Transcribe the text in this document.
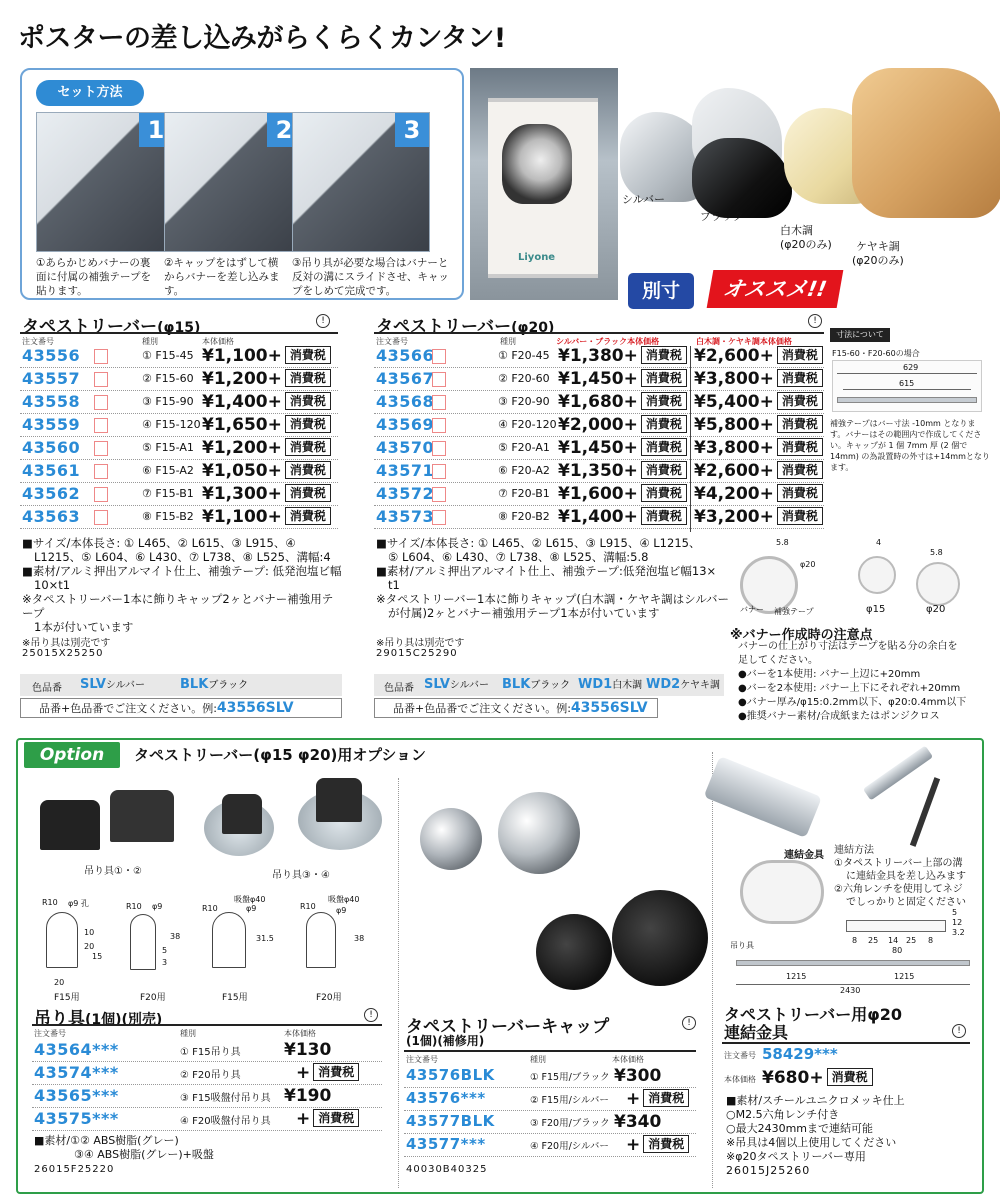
ポスターの差し込みがらくらくカンタン!
セット方法
1	2	3
①あらかじめバナーの裏面に付属の補強テープを貼ります。
②キャップをはずして横からバナーを差し込みます。
③吊り具が必要な場合はバナーと反対の溝にスライドさせ、キャップをしめて完成です。
Liyone
シルバー
ブラック
白木調
(φ20のみ) ケヤキ調
(φ20のみ)
別寸	オススメ!!
タペストリーバー(φ15)	!
注文番号	種別	本体価格
43556	① F15-45 ¥1,100+ 消費税
43557	② F15-60 ¥1,200+ 消費税
43558	③ F15-90 ¥1,400+ 消費税
43559	④ F15-120 ¥1,650+ 消費税
43560	⑤ F15-A1 ¥1,200+ 消費税
43561	⑥ F15-A2 ¥1,050+ 消費税
43562	⑦ F15-B1 ¥1,300+ 消費税
43563	⑧ F15-B2 ¥1,100+ 消費税
■サイズ/本体長さ: ① L465、② L615、③ L915、④
L1215、⑤ L604、⑥ L430、⑦ L738、⑧ L525、溝幅:4
■素材/アルミ押出アルマイト仕上、補強テープ: 低発泡塩ビ幅
10×t1
※タペストリーバー1本に飾りキャップ2ヶとバナー補強用テープ
1本が付いています
※吊り具は別売です
25015X25250
色品番 SLVシルバー	BLKブラック
品番+色品番でご注文ください。例:43556SLV
タペストリーバー(φ20)	!
注文番号	種別	シルバー・ブラック本体価格	白木調・ケヤキ調本体価格
43566	① F20-45 ¥1,380+ 消費税 ¥2,600+ 消費税
43567	② F20-60 ¥1,450+ 消費税 ¥3,800+ 消費税
43568	③ F20-90 ¥1,680+ 消費税 ¥5,400+ 消費税
43569	④ F20-120 ¥2,000+ 消費税 ¥5,800+ 消費税
43570	⑤ F20-A1 ¥1,450+ 消費税 ¥3,800+ 消費税
43571	⑥ F20-A2 ¥1,350+ 消費税 ¥2,600+ 消費税
43572	⑦ F20-B1 ¥1,600+ 消費税 ¥4,200+ 消費税
43573	⑧ F20-B2 ¥1,400+ 消費税 ¥3,200+ 消費税
■サイズ/本体長さ: ① L465、② L615、③ L915、④ L1215、
⑤ L604、⑥ L430、⑦ L738、⑧ L525、溝幅:5.8
■素材/アルミ押出アルマイト仕上、補強テープ:低発泡塩ビ幅13×
t1
※タペストリーバー1本に飾りキャップ(白木調・ケヤキ調はシルバー
が付属)2ヶとバナー補強用テープ1本が付いています
※吊り具は別売です
29015C25290
色品番 SLVシルバー BLKブラック WD1白木調 WD2ケヤキ調
品番+色品番でご注文ください。例:43556SLV
寸法について
F15-60・F20-60の場合
629
615
補強テープはバー寸法 -10mm となります。バナーはその範囲内で作成してください。キャップが 1 個 7mm 厚 (2 個で 14mm) の為設置時の外寸は+14mmとなります。
5.8
φ20
バナー 補強テープ
4
φ15
5.8
φ20
※バナー作成時の注意点
バナーの仕上がり寸法はテープを貼る分の余白を
足してください。
●バーを1本使用: バナー上辺に+20mm
●バーを2本使用: バナー上下にそれぞれ+20mm
●バナー厚み/φ15:0.2mm以下、φ20:0.4mm以下
●推奨バナー素材/合成紙またはポンジクロス
Option	タペストリーバー(φ15 φ20)用オプション
吊り具①・②	吊り具③・④
R10 φ9 孔
10
20
15
20
F15用
R10 φ9
38
5
3
F20用
吸盤φ40
R10	φ9
31.5
F15用
R10
吸盤φ40
φ9
38
F20用
吊り具(1個)(別売)	!
注文番号	種別	本体価格
43564***	① F15吊り具	¥130
43574***	② F20吊り具	+ 消費税
43565***	③ F15吸盤付吊り具 ¥190
43575***	④ F20吸盤付吊り具 + 消費税
■素材/①② ABS樹脂(グレー)
③④ ABS樹脂(グレー)+吸盤
26015F25220
タペストリーバーキャップ
(1個)(補修用)
!
注文番号	種別	本体価格
43576BLK	① F15用/ブラック ¥300
43576***	② F15用/シルバー + 消費税
43577BLK	③ F20用/ブラック ¥340
43577***	④ F20用/シルバー + 消費税
40030B40325
連結金具 連結方法
①タペストリーバー上部の溝
に連結金具を差し込みます
②六角レンチを使用してネジ
でしっかりと固定ください
8 25 14 25 8
80
5
12
3.2
吊り具
1215	1215
2430
タペストリーバー用φ20
連結金具	!
注文番号 58429***
本体価格 ¥680+ 消費税
■素材/スチールユニクロメッキ仕上
○M2.5六角レンチ付き
○最大2430mmまで連結可能
※吊具は4個以上使用してください
※φ20タペストリーバー専用
26015J25260
